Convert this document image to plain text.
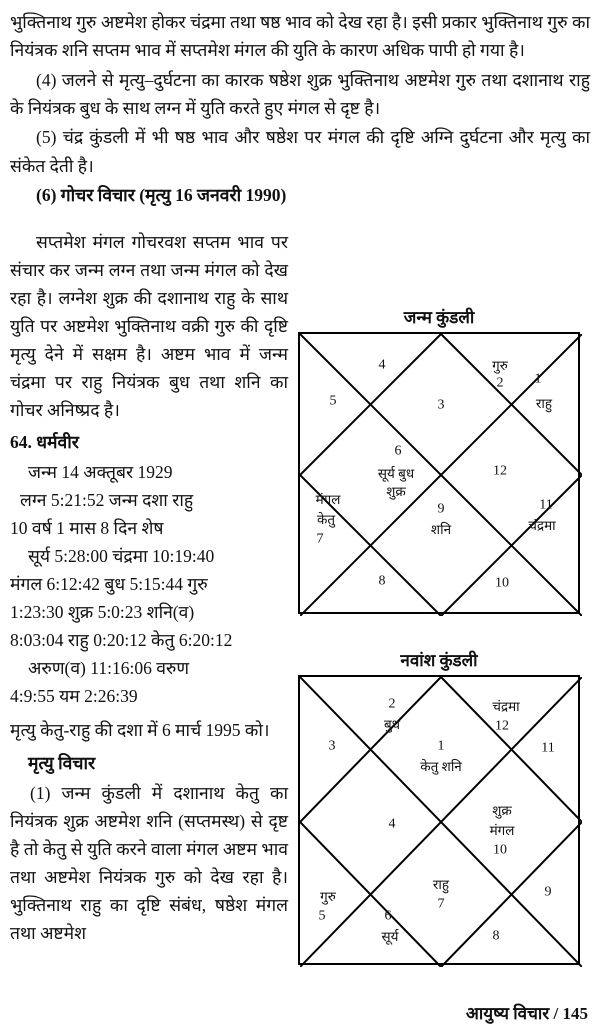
भुक्तिनाथ गुरु अष्टमेश होकर चंद्रमा तथा षष्ठ भाव को देख रहा है। इसी प्रकार भुक्तिनाथ गुरु का नियंत्रक शनि सप्तम भाव में सप्तमेश मंगल की युति के कारण अधिक पापी हो गया है।

(4) जलने से मृत्यु–दुर्घटना का कारक षष्ठेश शुक्र भुक्तिनाथ अष्टमेश गुरु तथा दशानाथ राहु के नियंत्रक बुध के साथ लग्न में युति करते हुए मंगल से दृष्ट है।

(5) चंद्र कुंडली में भी षष्ठ भाव और षष्ठेश पर मंगल की दृष्टि अग्नि दुर्घटना और मृत्यु का संकेत देती है।

(6) गोचर विचार (मृत्यु 16 जनवरी 1990)

सप्तमेश मंगल गोचरवश सप्तम भाव पर संचार कर जन्म लग्न तथा जन्म मंगल को देख रहा है। लग्नेश शुक्र की दशानाथ राहु के साथ युति पर अष्टमेश भुक्तिनाथ वक्री गुरु की दृष्टि मृत्यु देने में सक्षम है। अष्टम भाव में जन्म चंद्रमा पर राहु नियंत्रक बुध तथा शनि का गोचर अनिष्प्रद है।

64. धर्मवीर

जन्म 14 अक्तूबर 1929

लग्न 5:21:52 जन्म दशा राहु

10 वर्ष 1 मास 8 दिन शेष

सूर्य 5:28:00 चंद्रमा 10:19:40

मंगल 6:12:42 बुध 5:15:44 गुरु

1:23:30 शुक्र 5:0:23 शनि(व)

8:03:04 राहु 0:20:12 केतु 6:20:12

अरुण(व) 11:16:06 वरुण

4:9:55 यम 2:26:39

मृत्यु केतु-राहु की दशा में 6 मार्च 1995 को।

मृत्यु विचार

(1) जन्म कुंडली में दशानाथ केतु का नियंत्रक शुक्र अष्टमेश शनि (सप्तमस्थ) से दृष्ट है तो केतु से युति करने वाला मंगल अष्टम भाव तथा अष्टमेश नियंत्रक गुरु को देख रहा है। भुक्तिनाथ राहु का दृष्टि संबंध, षष्ठेश मंगल तथा अष्टमेश

जन्म कुंडली
1
राहु
गुरु
2
3
4
5
6
सूर्य बुध
शुक्र
मंगल
केतु
7
8
9
शनि
10
11
चंद्रमा
12
नवांश कुंडली
1
केतु शनि
2
बुध
3
4
गुरु
5	6
सूर्य
राहु
7
8
9
शुक्र
मंगल
10
11
चंद्रमा
12
आयुष्य विचार / 145
